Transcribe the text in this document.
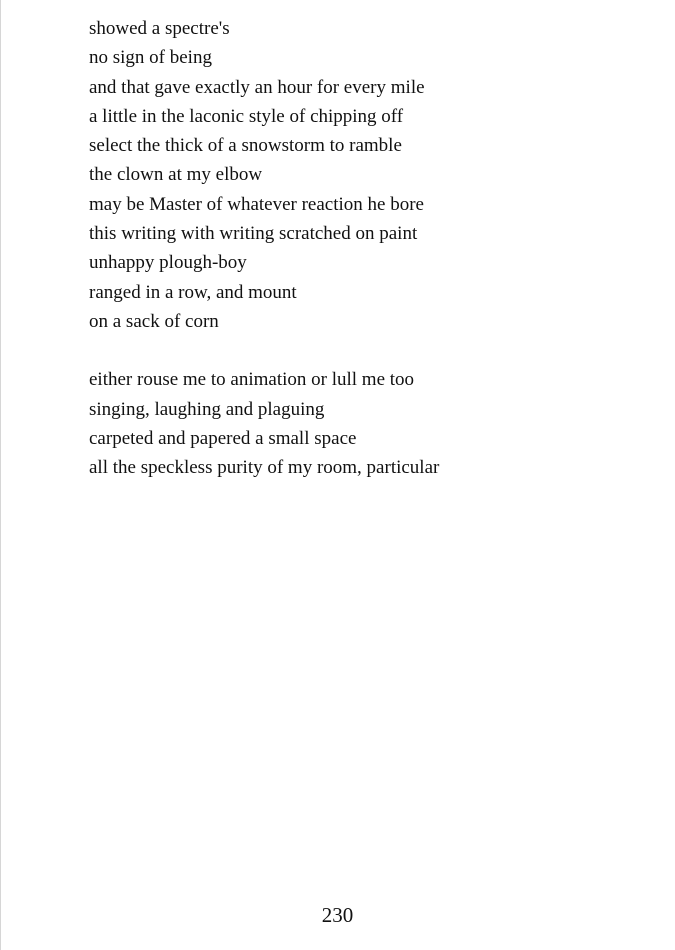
showed a spectre's
no sign of being
and that gave exactly an hour for every mile
a little in the laconic style of chipping off
select the thick of a snowstorm to ramble
the clown at my elbow
may be Master of whatever reaction he bore
this writing with writing scratched on paint
unhappy plough-boy
ranged in a row, and mount
on a sack of corn
either rouse me to animation or lull me too
singing, laughing and plaguing
carpeted and papered a small space
all the speckless purity of my room, particular
230
